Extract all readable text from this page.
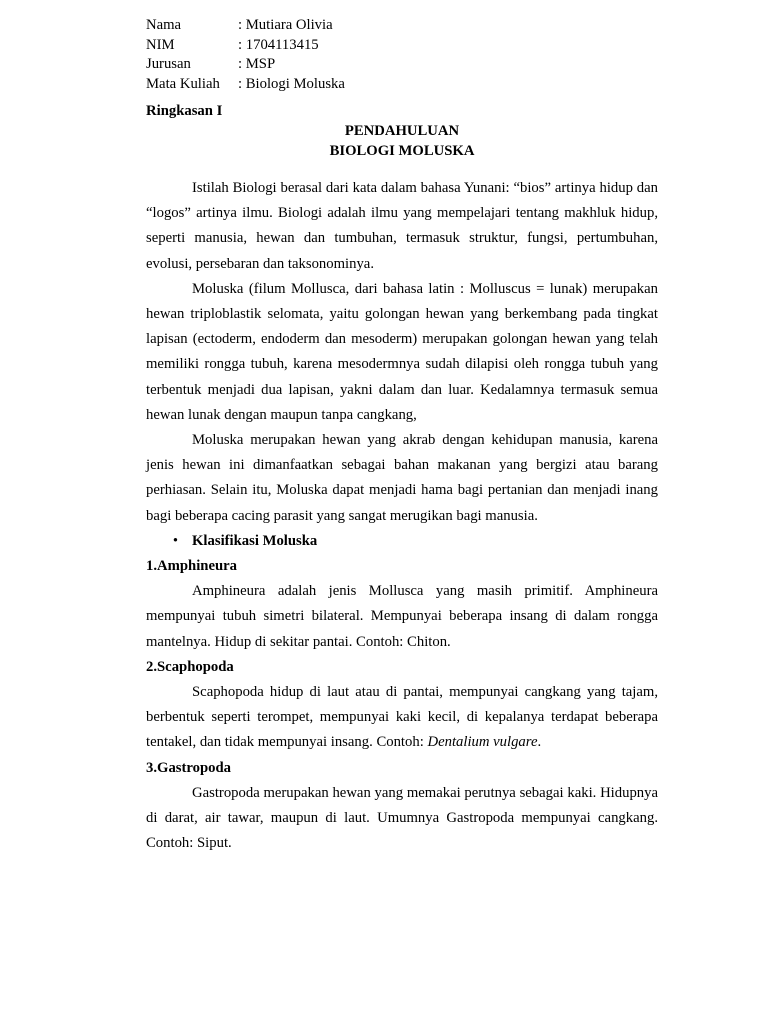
Nama	: Mutiara Olivia
NIM	: 1704113415
Jurusan	: MSP
Mata Kuliah	: Biologi Moluska
Ringkasan I
PENDAHULUAN
BIOLOGI MOLUSKA

Istilah Biologi berasal dari kata dalam bahasa Yunani: “bios” artinya hidup dan “logos” artinya ilmu. Biologi adalah ilmu yang mempelajari tentang makhluk hidup, seperti manusia, hewan dan tumbuhan, termasuk struktur, fungsi, pertumbuhan, evolusi, persebaran dan taksonominya.

Moluska (filum Mollusca, dari bahasa latin : Molluscus = lunak) merupakan hewan triploblastik selomata, yaitu golongan hewan yang berkembang pada tingkat lapisan (ectoderm, endoderm dan mesoderm) merupakan golongan hewan yang telah memiliki rongga tubuh, karena mesodermnya sudah dilapisi oleh rongga tubuh yang terbentuk menjadi dua lapisan, yakni dalam dan luar. Kedalamnya termasuk semua hewan lunak dengan maupun tanpa cangkang,

Moluska merupakan hewan yang akrab dengan kehidupan manusia, karena jenis hewan ini dimanfaatkan sebagai bahan makanan yang bergizi atau barang perhiasan. Selain itu, Moluska dapat menjadi hama bagi pertanian dan menjadi inang bagi beberapa cacing parasit yang sangat merugikan bagi manusia.

• Klasifikasi Moluska
1.Amphineura

Amphineura adalah jenis Mollusca yang masih primitif. Amphineura mempunyai tubuh simetri bilateral. Mempunyai beberapa insang di dalam rongga mantelnya. Hidup di sekitar pantai. Contoh: Chiton.

2.Scaphopoda

Scaphopoda hidup di laut atau di pantai, mempunyai cangkang yang tajam, berbentuk seperti terompet, mempunyai kaki kecil, di kepalanya terdapat beberapa tentakel, dan tidak mempunyai insang. Contoh: Dentalium vulgare.

3.Gastropoda

Gastropoda merupakan hewan yang memakai perutnya sebagai kaki. Hidupnya di darat, air tawar, maupun di laut. Umumnya Gastropoda mempunyai cangkang. Contoh: Siput.
